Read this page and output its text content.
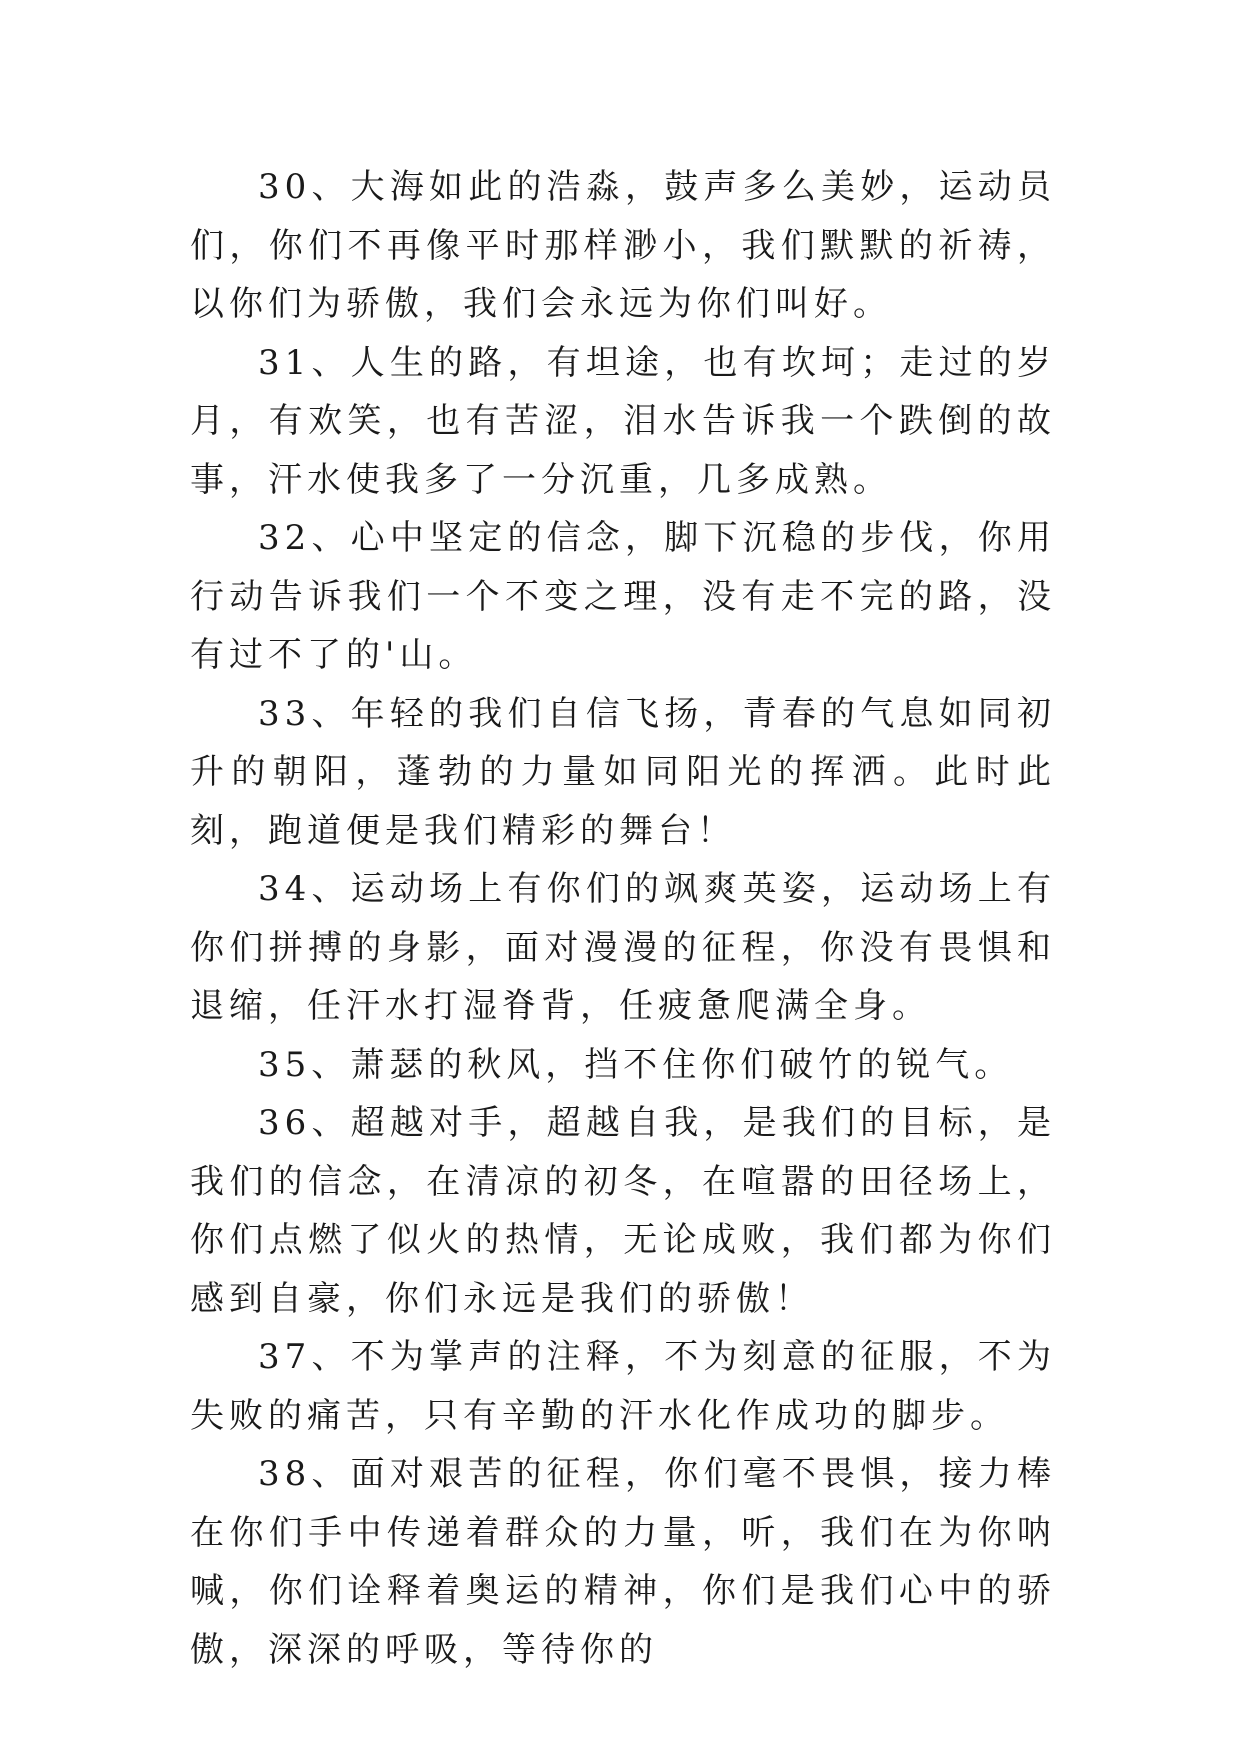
30、大海如此的浩淼，鼓声多么美妙，运动员们，你们不再像平时那样渺小，我们默默的祈祷，以你们为骄傲，我们会永远为你们叫好。

31、人生的路，有坦途，也有坎坷；走过的岁月，有欢笑，也有苦涩，泪水告诉我一个跌倒的故事，汗水使我多了一分沉重，几多成熟。

32、心中坚定的信念，脚下沉稳的步伐，你用行动告诉我们一个不变之理，没有走不完的路，没有过不了的'山。

33、年轻的我们自信飞扬，青春的气息如同初升的朝阳，蓬勃的力量如同阳光的挥洒。此时此刻，跑道便是我们精彩的舞台！

34、运动场上有你们的飒爽英姿，运动场上有你们拼搏的身影，面对漫漫的征程，你没有畏惧和退缩，任汗水打湿脊背，任疲惫爬满全身。

35、萧瑟的秋风，挡不住你们破竹的锐气。

36、超越对手，超越自我，是我们的目标，是我们的信念，在清凉的初冬，在喧嚣的田径场上，你们点燃了似火的热情，无论成败，我们都为你们感到自豪，你们永远是我们的骄傲！

37、不为掌声的注释，不为刻意的征服，不为失败的痛苦，只有辛勤的汗水化作成功的脚步。

38、面对艰苦的征程，你们毫不畏惧，接力棒在你们手中传递着群众的力量，听，我们在为你呐喊，你们诠释着奥运的精神，你们是我们心中的骄傲，深深的呼吸，等待你的
